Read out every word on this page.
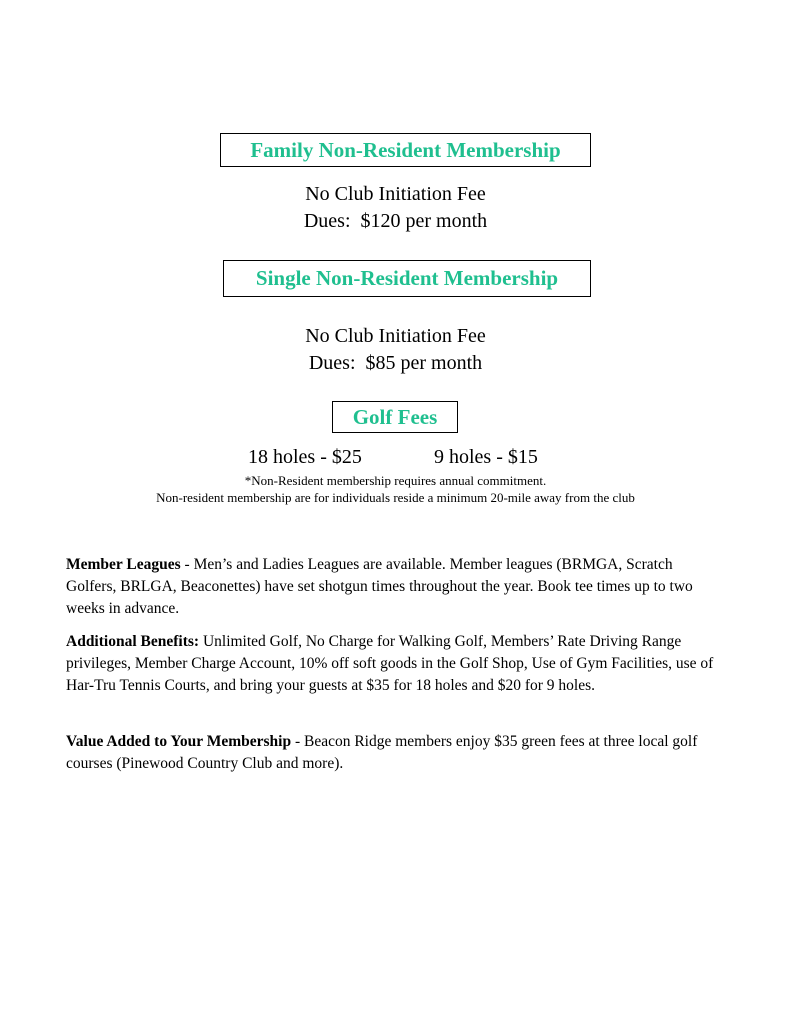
Family Non-Resident Membership
No Club Initiation Fee
Dues:  $120 per month
Single Non-Resident Membership
No Club Initiation Fee
Dues:  $85 per month
Golf Fees
18 holes - $25	9 holes - $15
*Non-Resident membership requires annual commitment.
Non-resident membership are for individuals reside a minimum 20-mile away from the club
Member Leagues - Men’s and Ladies Leagues are available. Member leagues (BRMGA, Scratch Golfers, BRLGA, Beaconettes) have set shotgun times throughout the year. Book tee times up to two weeks in advance.
Additional Benefits: Unlimited Golf, No Charge for Walking Golf, Members’ Rate Driving Range privileges, Member Charge Account, 10% off soft goods in the Golf Shop, Use of Gym Facilities, use of Har-Tru Tennis Courts, and bring your guests at $35 for 18 holes and $20 for 9 holes.
Value Added to Your Membership - Beacon Ridge members enjoy $35 green fees at three local golf courses (Pinewood Country Club and more).
